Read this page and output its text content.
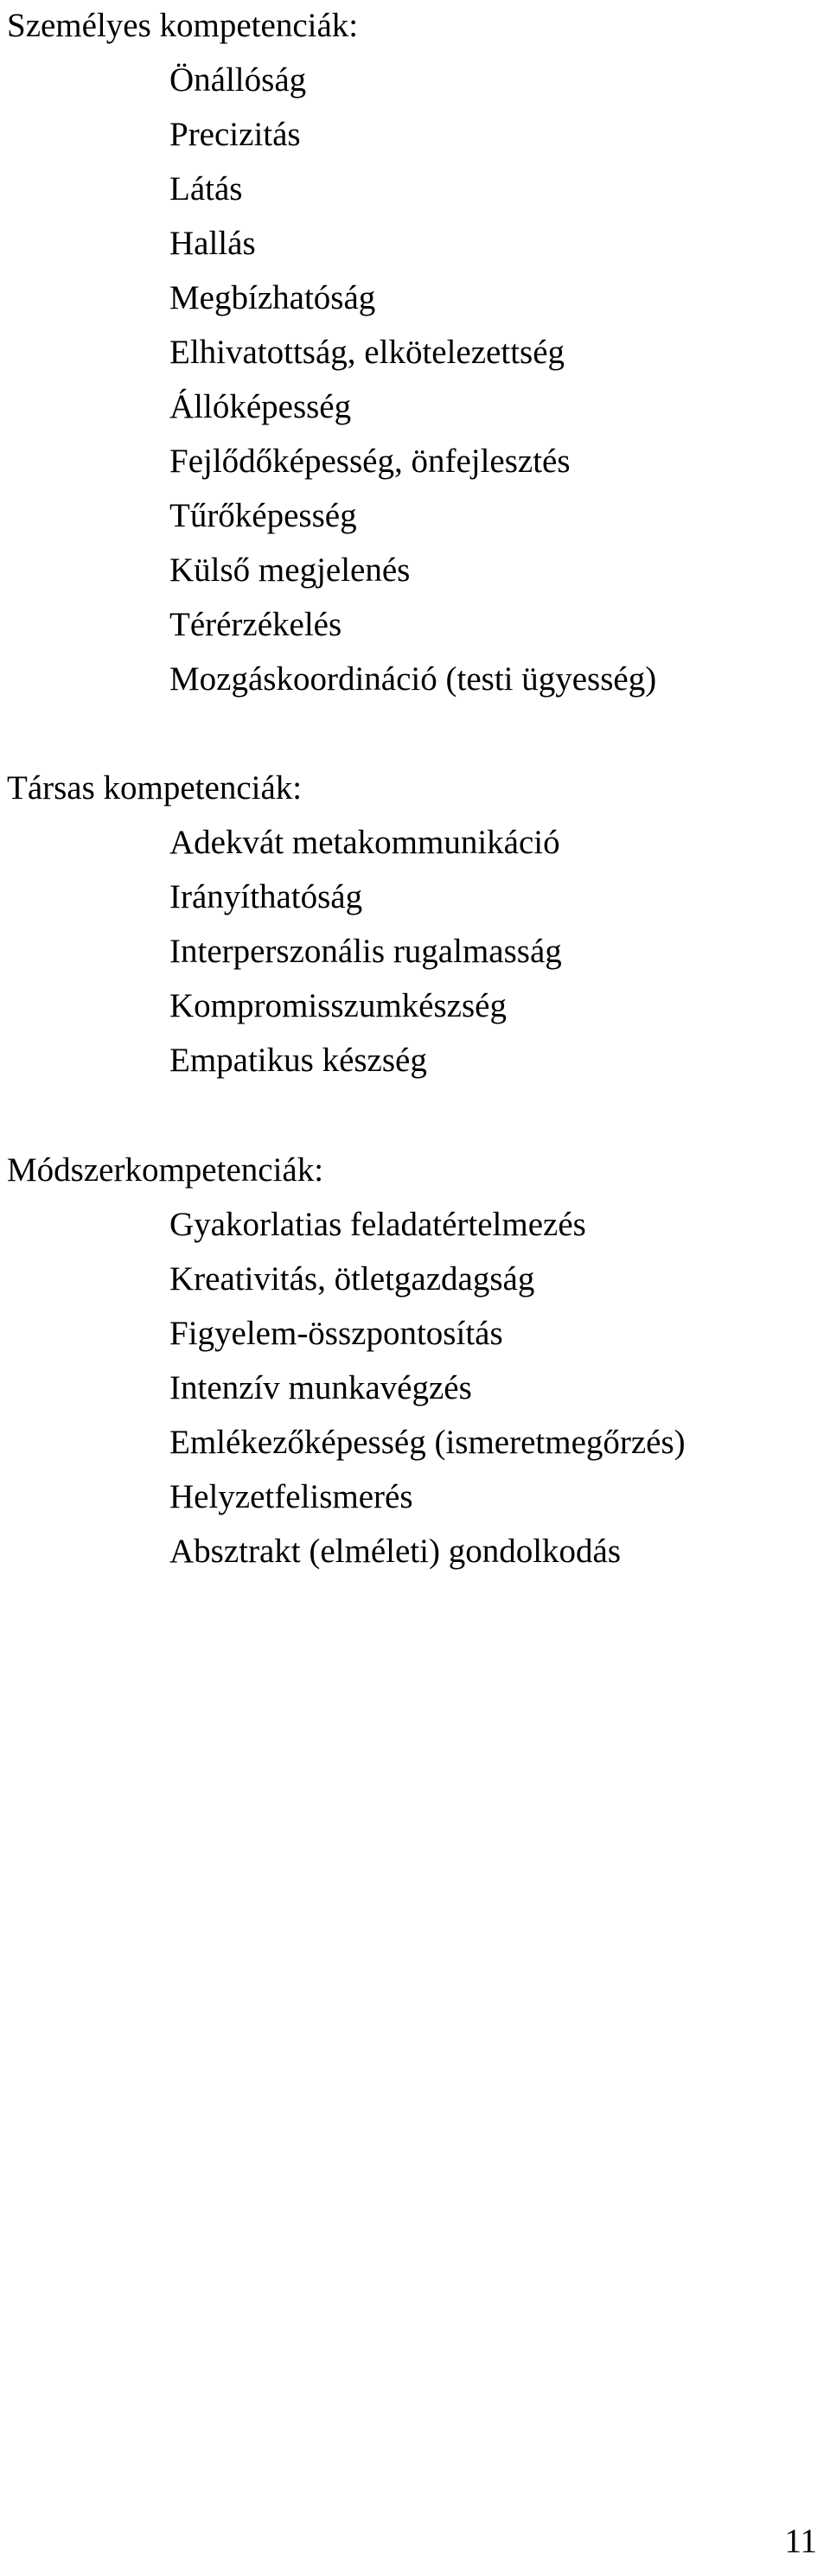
Személyes kompetenciák:
Önállóság
Precizitás
Látás
Hallás
Megbízhatóság
Elhivatottság, elkötelezettség
Állóképesség
Fejlődőképesség, önfejlesztés
Tűrőképesség
Külső megjelenés
Térérzékelés
Mozgáskoordináció (testi ügyesség)
Társas kompetenciák:
Adekvát metakommunikáció
Irányíthatóság
Interperszonális rugalmasság
Kompromisszumkészség
Empatikus készség
Módszerkompetenciák:
Gyakorlatias feladatértelmezés
Kreativitás, ötletgazdagság
Figyelem-összpontosítás
Intenzív munkavégzés
Emlékezőképesség (ismeretmegőrzés)
Helyzetfelismerés
Absztrakt (elméleti) gondolkodás
11
